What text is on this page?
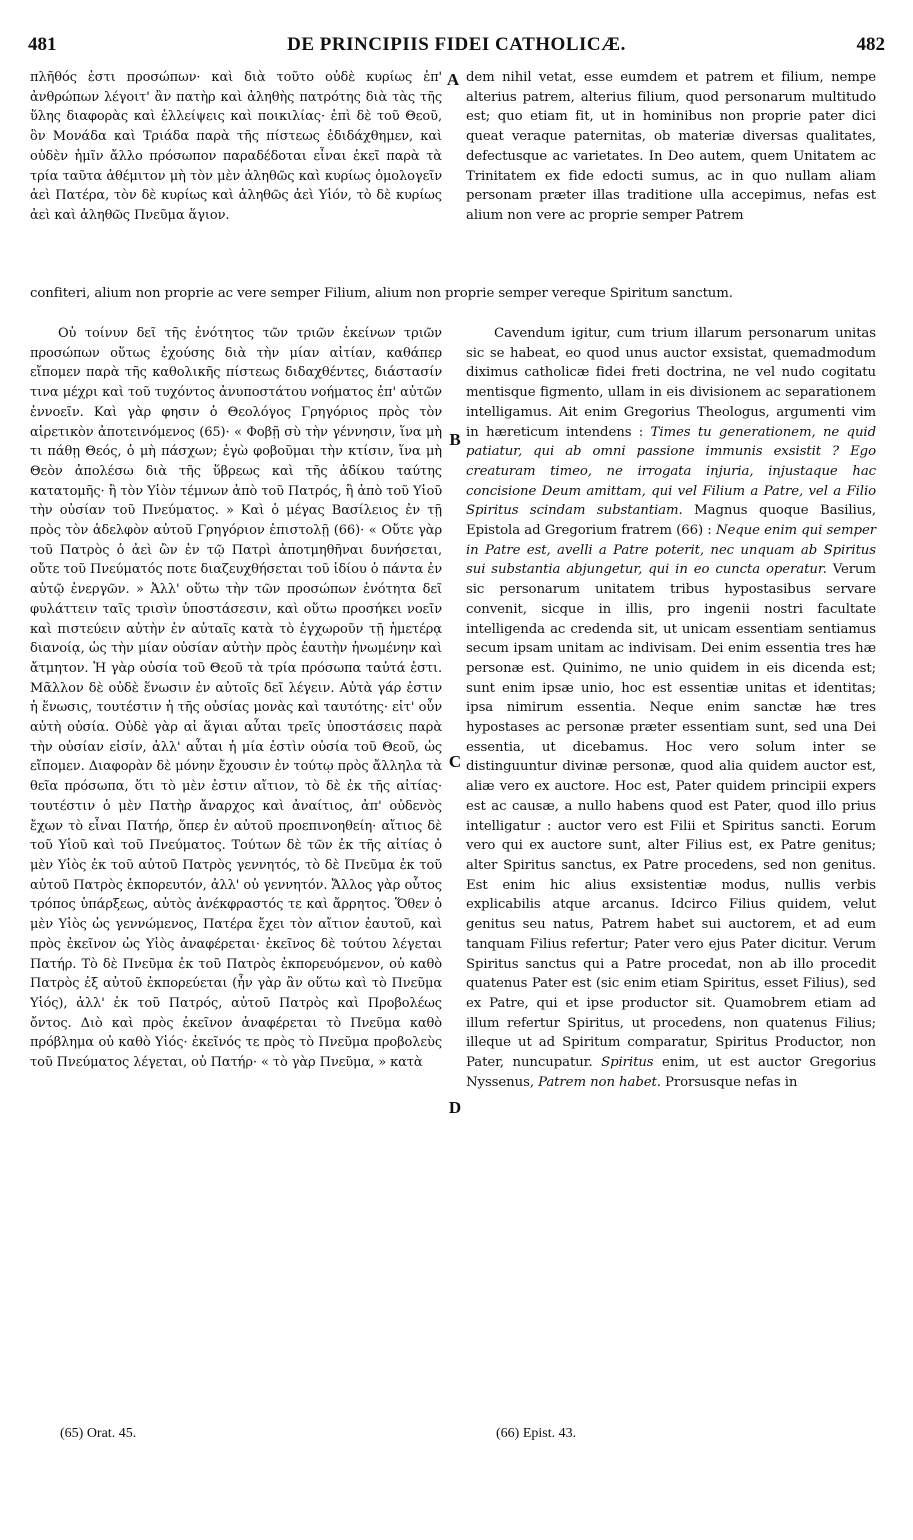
481	DE PRINCIPIIS FIDEI CATHOLICÆ.	482

πλῆθός ἐστι προσώπων· καὶ διὰ τοῦτο οὐδὲ κυρίως ἐπ' ἀνθρώπων λέγοιτ' ἂν πατὴρ καὶ ἀληθὴς πατρότης διὰ τὰς τῆς ὕλης διαφορὰς καὶ ἐλλείψεις καὶ ποικιλίας· ἐπὶ δὲ τοῦ Θεοῦ, ὃν Μονάδα καὶ Τριάδα παρὰ τῆς πίστεως ἐδιδάχθημεν, καὶ οὐδὲν ἡμῖν ἄλλο πρόσωπον παραδέδοται εἶναι ἐκεῖ παρὰ τὰ τρία ταῦτα ἀθέμιτον μὴ τὸν μὲν ἀληθῶς καὶ κυρίως ὁμολογεῖν ἀεὶ Πατέρα, τὸν δὲ κυρίως καὶ ἀληθῶς ἀεὶ Υἱόν, τὸ δὲ κυρίως ἀεὶ καὶ ἀληθῶς Πνεῦμα ἅγιον.

A dem nihil vetat, esse eumdem et patrem et filium, nempe alterius patrem, alterius filium, quod personarum multitudo est; quo etiam fit, ut in hominibus non proprie pater dici queat veraque paternitas, ob materiæ diversas qualitates, defectusque ac varietates. In Deo autem, quem Unitatem ac Trinitatem ex fide edocti sumus, ac in quo nullam aliam personam præter illas traditione ulla accepimus, nefas est alium non vere ac proprie semper Patrem

confiteri, alium non proprie ac vere semper Filium, alium non proprie semper vereque Spiritum sanctum.

Οὐ τοίνυν δεῖ τῆς ἑνότητος τῶν τριῶν ἐκείνων τριῶν προσώπων οὕτως ἐχούσης διὰ τὴν μίαν αἰτίαν, καθάπερ εἴπομεν παρὰ τῆς καθολικῆς πίστεως διδαχθέντες, διάστασίν τινα μέχρι καὶ τοῦ τυχόντος ἀνυποστάτου νοήματος ἐπ' αὐτῶν ἐννοεῖν. Καὶ γὰρ φησιν ὁ Θεολόγος Γρηγόριος πρὸς τὸν αἱρετικὸν ἀποτεινόμενος (65)· « Φοβῇ σὺ τὴν γέννησιν, ἵνα μὴ τι πάθῃ Θεός, ὁ μὴ πάσχων; ἐγὼ φοβοῦμαι τὴν κτίσιν, ἵνα μὴ Θεὸν ἀπολέσω διὰ τῆς ὕβρεως καὶ τῆς ἀδίκου ταύτης κατατομῆς· ἢ τὸν Υἱὸν τέμνων ἀπὸ τοῦ Πατρός, ἢ ἀπὸ τοῦ Υἱοῦ τὴν οὐσίαν τοῦ Πνεύματος. » Καὶ ὁ μέγας Βασίλειος ἐν τῇ πρὸς τὸν ἀδελφὸν αὐτοῦ Γρηγόριον ἐπιστολῇ (66)· « Οὔτε γὰρ τοῦ Πατρὸς ὁ ἀεὶ ὢν ἐν τῷ Πατρὶ ἀποτμηθῆναι δυνήσεται, οὔτε τοῦ Πνεύματός ποτε διαζευχθήσεται τοῦ ἰδίου ὁ πάντα ἐν αὐτῷ ἐνεργῶν. » Ἀλλ' οὕτω τὴν τῶν προσώπων ἑνότητα δεῖ φυλάττειν ταῖς τρισὶν ὑποστάσεσιν, καὶ οὕτω προσήκει νοεῖν καὶ πιστεύειν αὐτὴν ἐν αὐταῖς κατὰ τὸ ἐγχωροῦν τῇ ἡμετέρᾳ διανοίᾳ, ὡς τὴν μίαν οὐσίαν αὐτὴν πρὸς ἑαυτὴν ἡνωμένην καὶ ἄτμητον. Ἡ γὰρ οὐσία τοῦ Θεοῦ τὰ τρία πρόσωπα ταὐτά ἐστι. Μᾶλλον δὲ οὐδὲ ἕνωσιν ἐν αὐτοῖς δεῖ λέγειν. Αὐτὰ γάρ ἐστιν ἡ ἕνωσις, τουτέστιν ἡ τῆς οὐσίας μονὰς καὶ ταυτότης· εἰτ' οὖν αὐτὴ οὐσία. Οὐδὲ γὰρ αἱ ἅγιαι αὗται τρεῖς ὑποστάσεις παρὰ τὴν οὐσίαν εἰσίν, ἀλλ' αὗται ἡ μία ἐστὶν οὐσία τοῦ Θεοῦ, ὡς εἴπομεν. Διαφορὰν δὲ μόνην ἔχουσιν ἐν τούτῳ πρὸς ἄλληλα τὰ θεῖα πρόσωπα, ὅτι τὸ μὲν ἐστιν αἴτιον, τὸ δὲ ἐκ τῆς αἰτίας· τουτέστιν ὁ μὲν Πατὴρ ἄναρχος καὶ ἀναίτιος, ἀπ' οὐδενὸς ἔχων τὸ εἶναι Πατήρ, ὅπερ ἐν αὐτοῦ προεπινοηθείη· αἴτιος δὲ τοῦ Υἱοῦ καὶ τοῦ Πνεύματος. Τούτων δὲ τῶν ἐκ τῆς αἰτίας ὁ μὲν Υἱὸς ἐκ τοῦ αὐτοῦ Πατρὸς γεννητός, τὸ δὲ Πνεῦμα ἐκ τοῦ αὐτοῦ Πατρὸς ἐκπορευτόν, ἀλλ' οὐ γεννητόν. Ἄλλος γὰρ οὗτος τρόπος ὑπάρξεως, αὐτὸς ἀνέκφραστός τε καὶ ἄρρητος. Ὅθεν ὁ μὲν Υἱὸς ὡς γεννώμενος, Πατέρα ἔχει τὸν αἴτιον ἑαυτοῦ, καὶ πρὸς ἐκεῖνον ὡς Υἱὸς ἀναφέρεται· ἐκεῖνος δὲ τούτου λέγεται Πατήρ. Τὸ δὲ Πνεῦμα ἐκ τοῦ Πατρὸς ἐκπορευόμενον, οὐ καθὸ Πατρὸς ἐξ αὐτοῦ ἐκπορεύεται (ἦν γὰρ ἂν οὕτω καὶ τὸ Πνεῦμα Υἱός), ἀλλ' ἐκ τοῦ Πατρός, αὐτοῦ Πατρὸς καὶ Προβολέως ὄντος. Διὸ καὶ πρὸς ἐκεῖνον ἀναφέρεται τὸ Πνεῦμα καθὸ πρόβλημα οὐ καθὸ Υἱός· ἐκεῖνός τε πρὸς τὸ Πνεῦμα προβολεὺς τοῦ Πνεύματος λέγεται, οὐ Πατήρ· « τὸ γὰρ Πνεῦμα, » κατὰ

B
C
D

Cavendum igitur, cum trium illarum personarum unitas sic se habeat, eo quod unus auctor exsistat, quemadmodum diximus catholicæ fidei freti doctrina, ne vel nudo cogitatu mentisque figmento, ullam in eis divisionem ac separationem intelligamus. Ait enim Gregorius Theologus, argumenti vim in hæreticum intendens : Times tu generationem, ne quid patiatur, qui ab omni passione immunis exsistit ? Ego creaturam timeo, ne irrogata injuria, injustaque hac concisione Deum amittam, qui vel Filium a Patre, vel a Filio Spiritus scindam substantiam. Magnus quoque Basilius, Epistola ad Gregorium fratrem (66) : Neque enim qui semper in Patre est, avelli a Patre poterit, nec unquam ab Spiritus sui substantia abjungetur, qui in eo cuncta operatur. Verum sic personarum unitatem tribus hypostasibus servare convenit, sicque in illis, pro ingenii nostri facultate intelligenda ac credenda sit, ut unicam essentiam sentiamus secum ipsam unitam ac indivisam. Dei enim essentia tres hæ personæ est. Quinimo, ne unio quidem in eis dicenda est; sunt enim ipsæ unio, hoc est essentiæ unitas et identitas; ipsa nimirum essentia. Neque enim sanctæ hæ tres hypostases ac personæ præter essentiam sunt, sed una Dei essentia, ut dicebamus. Hoc vero solum inter se distinguuntur divinæ personæ, quod alia quidem auctor est, aliæ vero ex auctore. Hoc est, Pater quidem principii expers est ac causæ, a nullo habens quod est Pater, quod illo prius intelligatur : auctor vero est Filii et Spiritus sancti. Eorum vero qui ex auctore sunt, alter Filius est, ex Patre genitus; alter Spiritus sanctus, ex Patre procedens, sed non genitus. Est enim hic alius exsistentiæ modus, nullis verbis explicabilis atque arcanus. Idcirco Filius quidem, velut genitus seu natus, Patrem habet sui auctorem, et ad eum tanquam Filius refertur; Pater vero ejus Pater dicitur. Verum Spiritus sanctus qui a Patre procedat, non ab illo procedit quatenus Pater est (sic enim etiam Spiritus, esset Filius), sed ex Patre, qui et ipse productor sit. Quamobrem etiam ad illum refertur Spiritus, ut procedens, non quatenus Filius; illeque ut ad Spiritum comparatur, Spiritus Productor, non Pater, nuncupatur. Spiritus enim, ut est auctor Gregorius Nyssenus, Patrem non habet. Prorsusque nefas in

(65) Orat. 45.	(66) Epist. 43.
